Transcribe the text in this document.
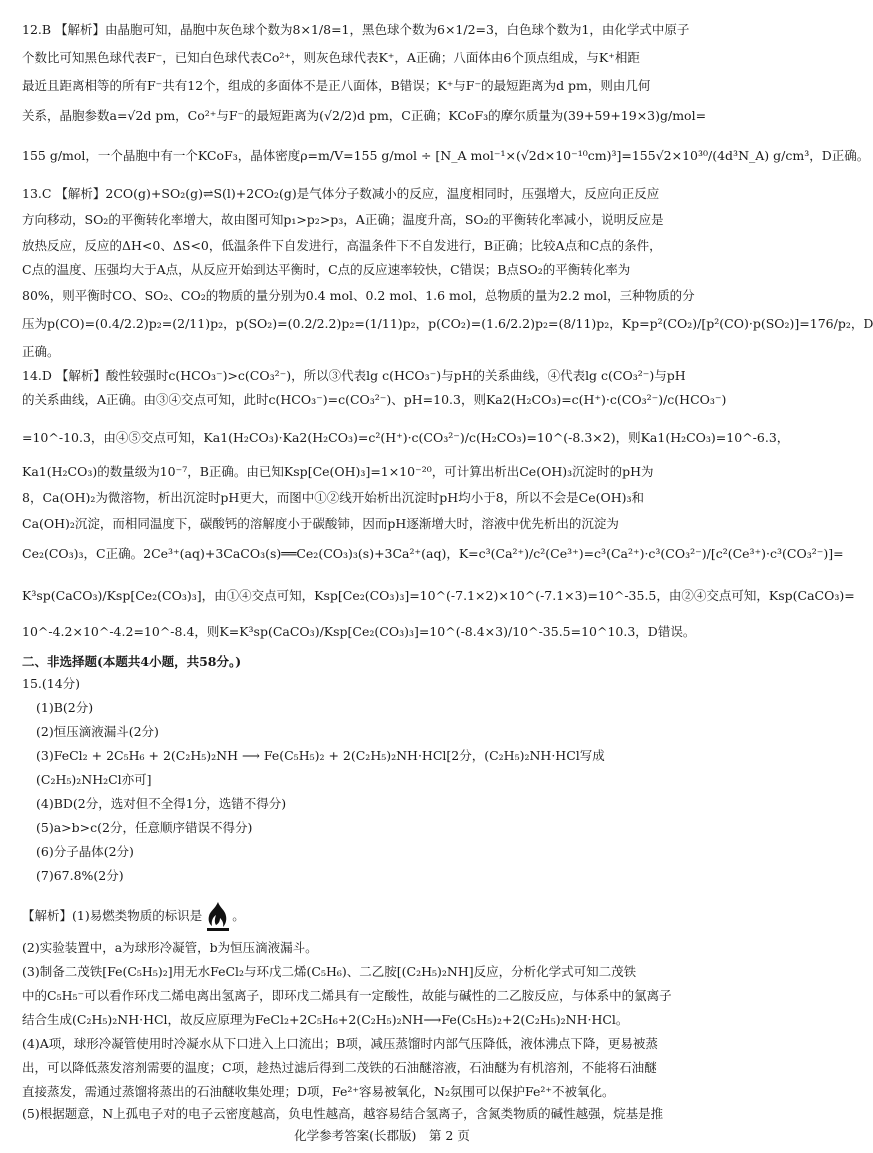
12.B 【解析】由晶胞可知，晶胞中灰色球个数为8×1/8=1，黑色球个数为6×1/2=3，白色球个数为1，由化学式中原子
个数比可知黑色球代表F⁻，已知白色球代表Co²⁺，则灰色球代表K⁺，A正确；八面体由6个顶点组成，与K⁺相距
最近且距离相等的所有F⁻共有12个，组成的多面体不是正八面体，B错误；K⁺与F⁻的最短距离为d pm，则由几何
关系，晶胞参数a=√2d pm，Co²⁺与F⁻的最短距离为(√2/2)d pm，C正确；KCoF₃的摩尔质量为(39+59+19×3)g/mol=
155 g/mol，一个晶胞中有一个KCoF₃，晶体密度ρ=m/V=155 g/mol ÷ [N_A mol⁻¹×(√2d×10⁻¹⁰cm)³]=155√2×10³⁰/(4d³N_A) g/cm³，D正确。
13.C 【解析】2CO(g)+SO₂(g)⇌S(l)+2CO₂(g)是气体分子数减小的反应，温度相同时，压强增大，反应向正反应
方向移动，SO₂的平衡转化率增大，故由图可知p₁>p₂>p₃，A正确；温度升高，SO₂的平衡转化率减小，说明反应是
放热反应，反应的ΔH<0、ΔS<0，低温条件下自发进行，高温条件下不自发进行，B正确；比较A点和C点的条件，
C点的温度、压强均大于A点，从反应开始到达平衡时，C点的反应速率较快，C错误；B点SO₂的平衡转化率为
80%，则平衡时CO、SO₂、CO₂的物质的量分别为0.4 mol、0.2 mol、1.6 mol，总物质的量为2.2 mol，三种物质的分
压为p(CO)=(0.4/2.2)p₂=(2/11)p₂，p(SO₂)=(0.2/2.2)p₂=(1/11)p₂，p(CO₂)=(1.6/2.2)p₂=(8/11)p₂，Kp=p²(CO₂)/[p²(CO)·p(SO₂)]=176/p₂，D
正确。
14.D 【解析】酸性较强时c(HCO₃⁻)>c(CO₃²⁻)，所以③代表lg c(HCO₃⁻)与pH的关系曲线，④代表lg c(CO₃²⁻)与pH
的关系曲线，A正确。由③④交点可知，此时c(HCO₃⁻)=c(CO₃²⁻)、pH=10.3，则Ka2(H₂CO₃)=c(H⁺)·c(CO₃²⁻)/c(HCO₃⁻)
=10^-10.3，由④⑤交点可知，Ka1(H₂CO₃)·Ka2(H₂CO₃)=c²(H⁺)·c(CO₃²⁻)/c(H₂CO₃)=10^(-8.3×2)，则Ka1(H₂CO₃)=10^-6.3，
Ka1(H₂CO₃)的数量级为10⁻⁷，B正确。由已知Ksp[Ce(OH)₃]=1×10⁻²⁰，可计算出析出Ce(OH)₃沉淀时的pH为
8，Ca(OH)₂为微溶物，析出沉淀时pH更大，而图中①②线开始析出沉淀时pH均小于8，所以不会是Ce(OH)₃和
Ca(OH)₂沉淀，而相同温度下，碳酸钙的溶解度小于碳酸铈，因而pH逐渐增大时，溶液中优先析出的沉淀为
Ce₂(CO₃)₃，C正确。2Ce³⁺(aq)+3CaCO₃(s)══Ce₂(CO₃)₃(s)+3Ca²⁺(aq)，K=c³(Ca²⁺)/c²(Ce³⁺)=c³(Ca²⁺)·c³(CO₃²⁻)/[c²(Ce³⁺)·c³(CO₃²⁻)]=
K³sp(CaCO₃)/Ksp[Ce₂(CO₃)₃]，由①④交点可知，Ksp[Ce₂(CO₃)₃]=10^(-7.1×2)×10^(-7.1×3)=10^-35.5，由②④交点可知，Ksp(CaCO₃)=
10^-4.2×10^-4.2=10^-8.4，则K=K³sp(CaCO₃)/Ksp[Ce₂(CO₃)₃]=10^(-8.4×3)/10^-35.5=10^10.3，D错误。
二、非选择题(本题共4小题，共58分。)
15.(14分)
(1)B(2分)
(2)恒压滴液漏斗(2分)
(3)FeCl₂ + 2C₅H₆ + 2(C₂H₅)₂NH ⟶ Fe(C₅H₅)₂ + 2(C₂H₅)₂NH·HCl[2分，(C₂H₅)₂NH·HCl写成
(C₂H₅)₂NH₂Cl亦可]
(4)BD(2分，选对但不全得1分，选错不得分)
(5)a>b>c(2分，任意顺序错误不得分)
(6)分子晶体(2分)
(7)67.8%(2分)
【解析】(1)易燃类物质的标识是 。
(2)实验装置中，a为球形冷凝管，b为恒压滴液漏斗。
(3)制备二茂铁[Fe(C₅H₅)₂]用无水FeCl₂与环戊二烯(C₅H₆)、二乙胺[(C₂H₅)₂NH]反应，分析化学式可知二茂铁
中的C₅H₅⁻可以看作环戊二烯电离出氢离子，即环戊二烯具有一定酸性，故能与碱性的二乙胺反应，与体系中的氯离子
结合生成(C₂H₅)₂NH·HCl，故反应原理为FeCl₂+2C₅H₆+2(C₂H₅)₂NH⟶Fe(C₅H₅)₂+2(C₂H₅)₂NH·HCl。
(4)A项，球形冷凝管使用时冷凝水从下口进入上口流出；B项，减压蒸馏时内部气压降低，液体沸点下降，更易被蒸
出，可以降低蒸发溶剂需要的温度；C项，趁热过滤后得到二茂铁的石油醚溶液，石油醚为有机溶剂，不能将石油醚
直接蒸发，需通过蒸馏将蒸出的石油醚收集处理；D项，Fe²⁺容易被氧化，N₂氛围可以保护Fe²⁺不被氧化。
(5)根据题意，N上孤电子对的电子云密度越高，负电性越高，越容易结合氢离子，含氮类物质的碱性越强，烷基是推
化学参考答案(长郡版)　第 2 页
